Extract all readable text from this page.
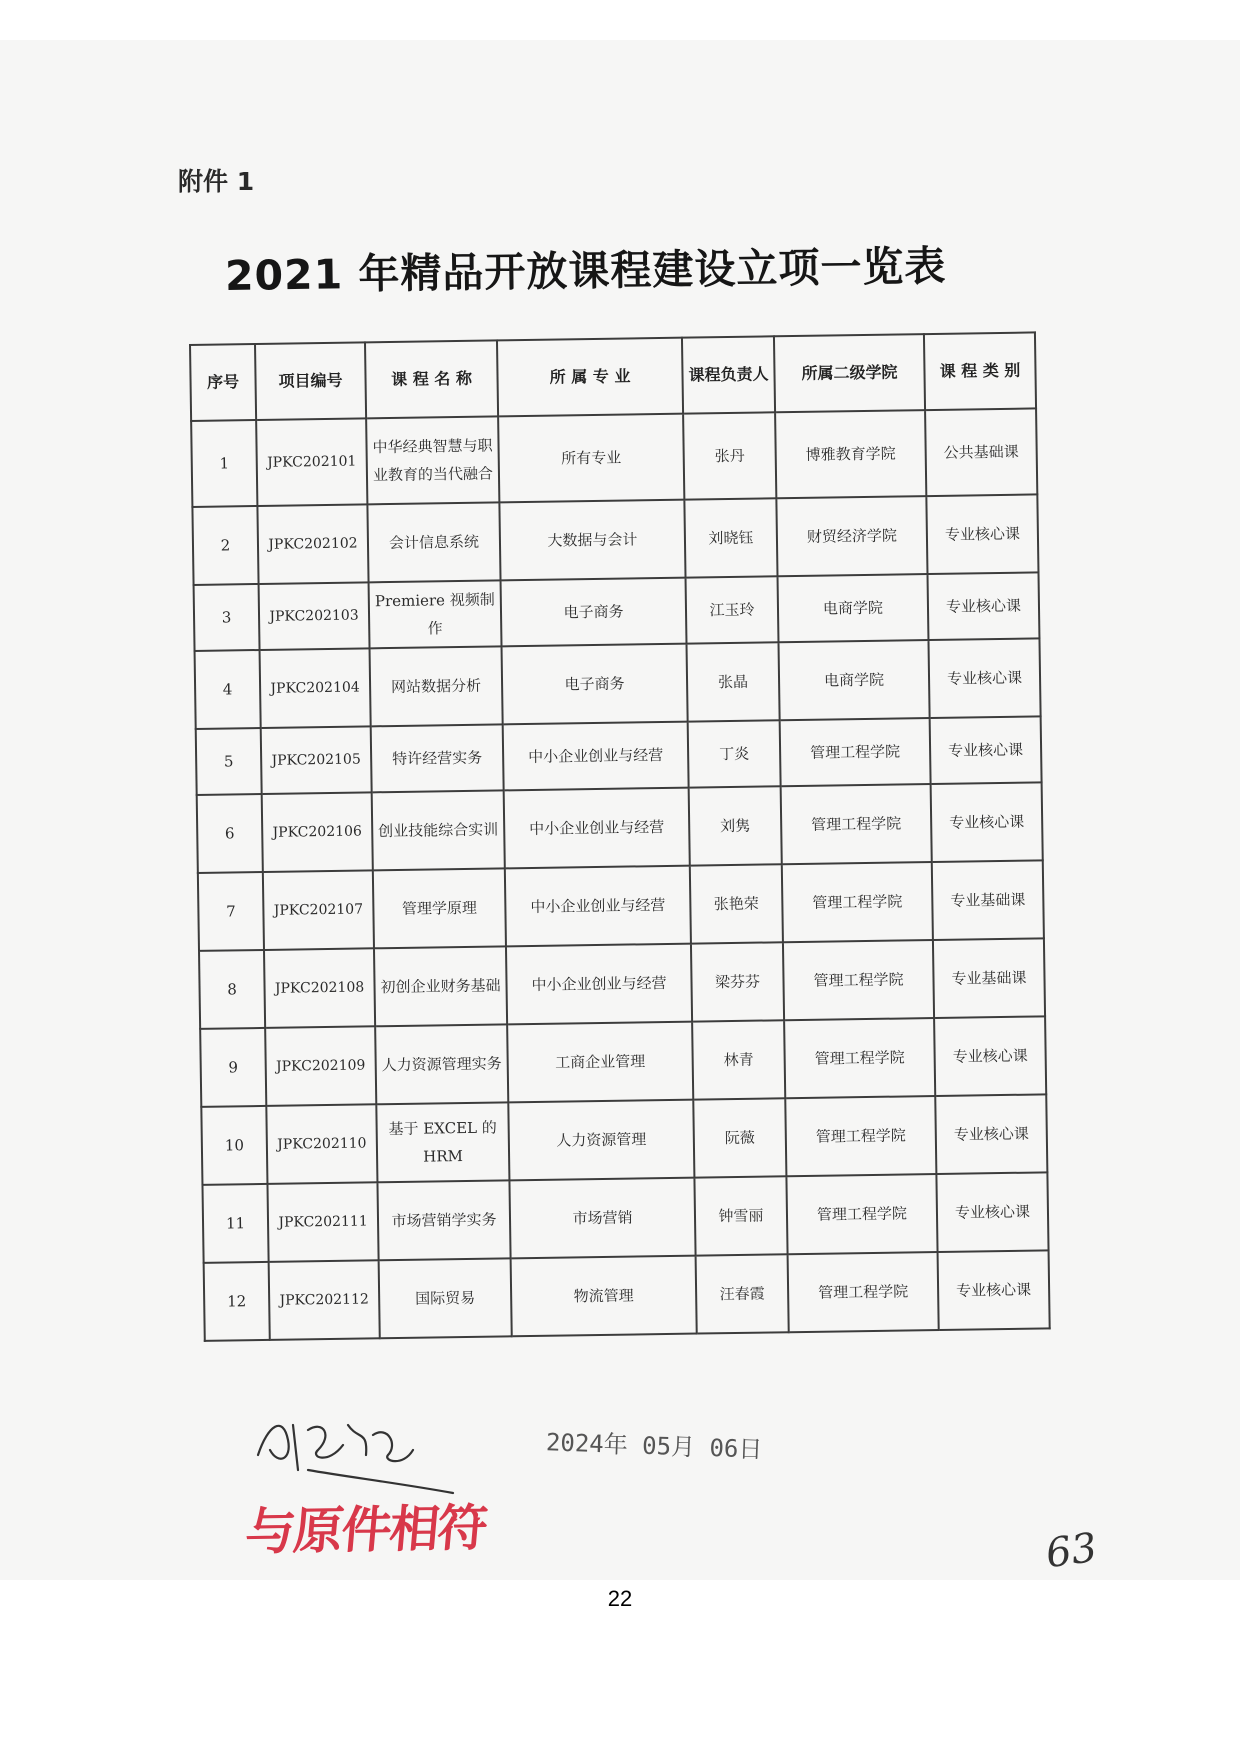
附件 1
2021 年精品开放课程建设立项一览表
序号	项目编号	课 程 名 称	所 属 专 业	课程负责人	所属二级学院	课 程 类 别
1	JPKC202101	中华经典智慧与职业教育的当代融合	所有专业	张丹	博雅教育学院	公共基础课
2	JPKC202102	会计信息系统	大数据与会计	刘晓钰	财贸经济学院	专业核心课
3	JPKC202103	Premiere 视频制作	电子商务	江玉玲	电商学院	专业核心课
4	JPKC202104	网站数据分析	电子商务	张晶	电商学院	专业核心课
5	JPKC202105	特许经营实务	中小企业创业与经营	丁炎	管理工程学院	专业核心课
6	JPKC202106	创业技能综合实训	中小企业创业与经营	刘隽	管理工程学院	专业核心课
7	JPKC202107	管理学原理	中小企业创业与经营	张艳荣	管理工程学院	专业基础课
8	JPKC202108	初创企业财务基础	中小企业创业与经营	梁芬芬	管理工程学院	专业基础课
9	JPKC202109	人力资源管理实务	工商企业管理	林青	管理工程学院	专业核心课
10	JPKC202110	基于 EXCEL 的 HRM	人力资源管理	阮薇	管理工程学院	专业核心课
11	JPKC202111	市场营销学实务	市场营销	钟雪丽	管理工程学院	专业核心课
12	JPKC202112	国际贸易	物流管理	汪春霞	管理工程学院	专业核心课
2024年 05月 06日
与原件相符	63
22
